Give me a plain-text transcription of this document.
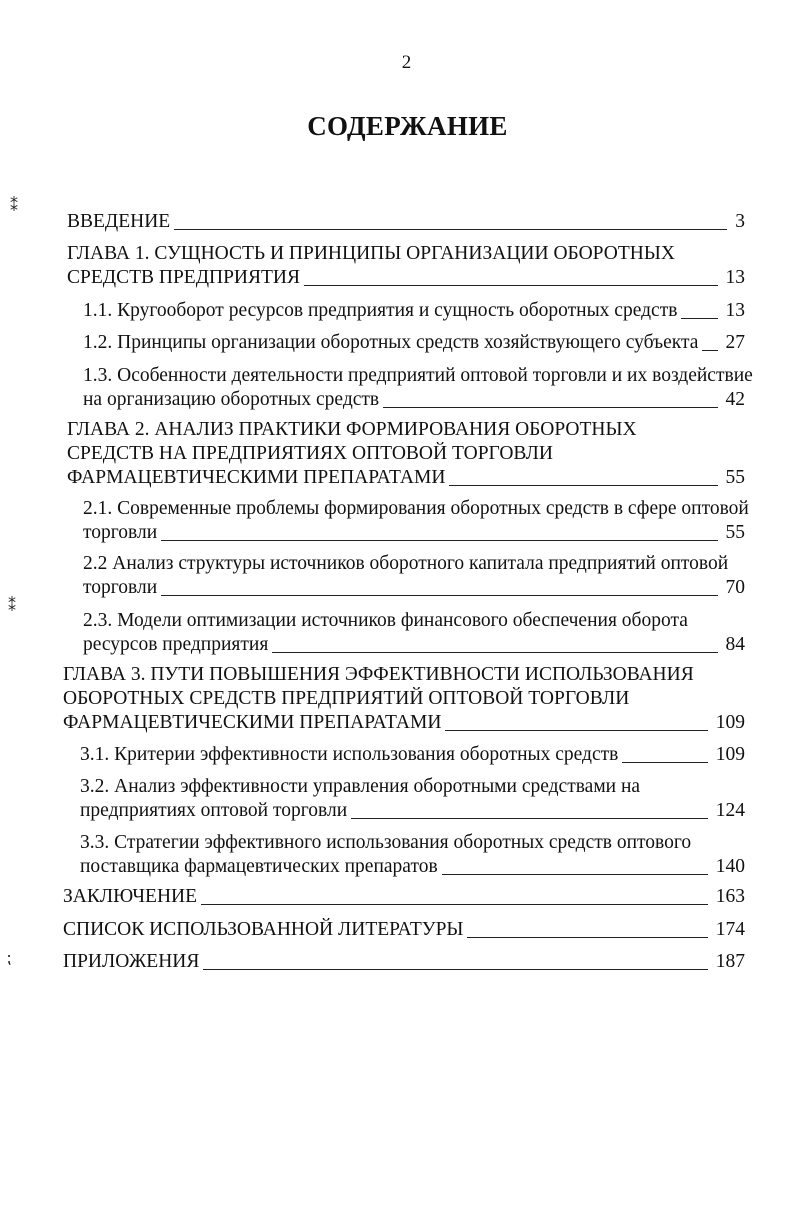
2
СОДЕРЖАНИЕ
⁑
⁑
⁏
ВВЕДЕНИЕ	3
ГЛАВА 1. СУЩНОСТЬ И ПРИНЦИПЫ ОРГАНИЗАЦИИ ОБОРОТНЫХ
СРЕДСТВ ПРЕДПРИЯТИЯ	13
1.1. Кругооборот ресурсов предприятия и сущность оборотных средств 13
1.2. Принципы организации оборотных средств хозяйствующего субъекта 27
1.3. Особенности деятельности предприятий оптовой торговли и их воздействие
на организацию оборотных средств	42
ГЛАВА 2. АНАЛИЗ ПРАКТИКИ ФОРМИРОВАНИЯ ОБОРОТНЫХ
СРЕДСТВ НА ПРЕДПРИЯТИЯХ ОПТОВОЙ ТОРГОВЛИ
ФАРМАЦЕВТИЧЕСКИМИ ПРЕПАРАТАМИ	55
2.1. Современные проблемы формирования оборотных средств в сфере оптовой
торговли	55
2.2 Анализ структуры источников оборотного капитала предприятий оптовой
торговли	70
2.3. Модели оптимизации источников финансового обеспечения оборота
ресурсов предприятия	84
ГЛАВА 3. ПУТИ ПОВЫШЕНИЯ ЭФФЕКТИВНОСТИ ИСПОЛЬЗОВАНИЯ
ОБОРОТНЫХ СРЕДСТВ ПРЕДПРИЯТИЙ ОПТОВОЙ ТОРГОВЛИ
ФАРМАЦЕВТИЧЕСКИМИ ПРЕПАРАТАМИ	109
3.1. Критерии эффективности использования оборотных средств	109
3.2. Анализ эффективности управления оборотными средствами на
предприятиях оптовой торговли	124
3.3. Стратегии эффективного использования оборотных средств оптового
поставщика фармацевтических препаратов	140
ЗАКЛЮЧЕНИЕ	163
СПИСОК ИСПОЛЬЗОВАННОЙ ЛИТЕРАТУРЫ	174
ПРИЛОЖЕНИЯ	187
